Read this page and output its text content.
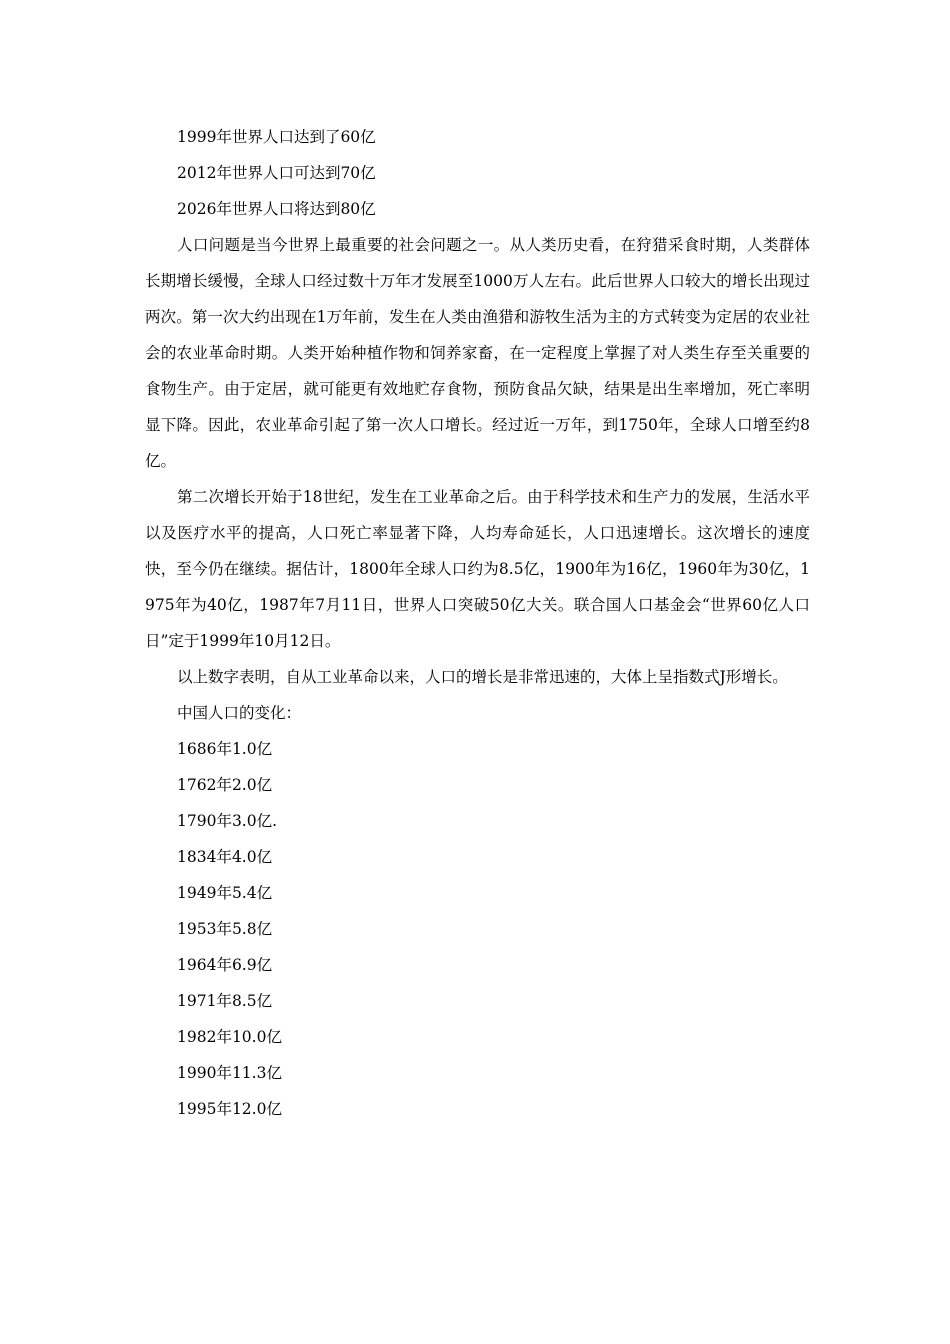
1999年世界人口达到了60亿

2012年世界人口可达到70亿

2026年世界人口将达到80亿

人口问题是当今世界上最重要的社会问题之一。从人类历史看，在狩猎采食时期，人类群体长期增长缓慢，全球人口经过数十万年才发展至1000万人左右。此后世界人口较大的增长出现过两次。第一次大约出现在1万年前，发生在人类由渔猎和游牧生活为主的方式转变为定居的农业社会的农业革命时期。人类开始种植作物和饲养家畜，在一定程度上掌握了对人类生存至关重要的食物生产。由于定居，就可能更有效地贮存食物，预防食品欠缺，结果是出生率增加，死亡率明显下降。因此，农业革命引起了第一次人口增长。经过近一万年，到1750年，全球人口增至约8亿。

第二次增长开始于18世纪，发生在工业革命之后。由于科学技术和生产力的发展，生活水平以及医疗水平的提高，人口死亡率显著下降，人均寿命延长，人口迅速增长。这次增长的速度快，至今仍在继续。据估计，1800年全球人口约为8.5亿，1900年为16亿，1960年为30亿，1975年为40亿，1987年7月11日，世界人口突破50亿大关。联合国人口基金会“世界60亿人口日”定于1999年10月12日。

以上数字表明，自从工业革命以来，人口的增长是非常迅速的，大体上呈指数式J形增长。

中国人口的变化：

1686年1.0亿

1762年2.0亿

1790年3.0亿.

1834年4.0亿

1949年5.4亿

1953年5.8亿

1964年6.9亿

1971年8.5亿

1982年10.0亿

1990年11.3亿

1995年12.0亿
